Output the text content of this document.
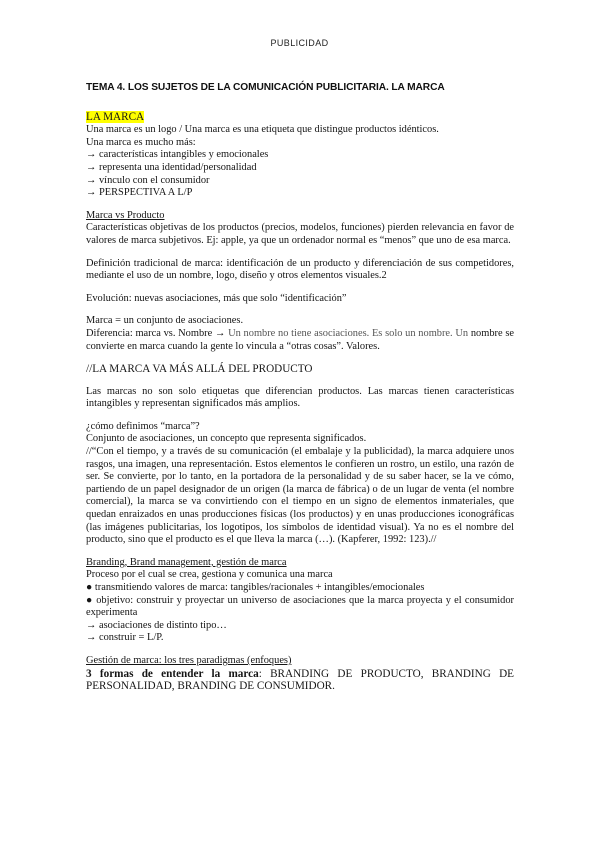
PUBLICIDAD

TEMA 4. LOS SUJETOS DE LA COMUNICACIÓN PUBLICITARIA. LA MARCA

LA MARCA

Una marca es un logo / Una marca es una etiqueta que distingue productos idénticos.

Una marca es mucho más:

→ características intangibles y emocionales

→ representa una identidad/personalidad

→ vínculo con el consumidor

→ PERSPECTIVA A L/P

Marca vs Producto

Características objetivas de los productos (precios, modelos, funciones) pierden relevancia en favor de valores de marca subjetivos. Ej: apple, ya que un ordenador normal es “menos” que uno de esa marca.

Definición tradicional de marca: identificación de un producto y diferenciación de sus competidores, mediante el uso de un nombre, logo, diseño y otros elementos visuales.2

Evolución: nuevas asociaciones, más que solo “identificación”

Marca = un conjunto de asociaciones.

Diferencia: marca vs. Nombre → Un nombre no tiene asociaciones. Es solo un nombre. Un nombre se convierte en marca cuando la gente lo vincula a “otras cosas”. Valores.

//LA MARCA VA MÁS ALLÁ DEL PRODUCTO

Las marcas no son solo etiquetas que diferencian productos. Las marcas tienen características intangibles y representan significados más amplios.

¿cómo definimos “marca”?

Conjunto de asociaciones, un concepto que representa significados.

//“Con el tiempo, y a través de su comunicación (el embalaje y la publicidad), la marca adquiere unos rasgos, una imagen, una representación. Estos elementos le confieren un rostro, un estilo, una razón de ser. Se convierte, por lo tanto, en la portadora de la personalidad y de su saber hacer, se la ve cómo, partiendo de un papel designador de un origen (la marca de fábrica) o de un lugar de venta (el nombre comercial), la marca se va convirtiendo con el tiempo en un signo de elementos inmateriales, que quedan enraizados en unas producciones físicas (los productos) y en unas producciones iconográficas (las imágenes publicitarias, los logotipos, los símbolos de identidad visual). Ya no es el nombre del producto, sino que el producto es el que lleva la marca (…). (Kapferer, 1992: 123).//

Branding, Brand management, gestión de marca

Proceso por el cual se crea, gestiona y comunica una marca

● transmitiendo valores de marca: tangibles/racionales + intangibles/emocionales

● objetivo: construir y proyectar un universo de asociaciones que la marca proyecta y el consumidor experimenta

→ asociaciones de distinto tipo…

→ construir = L/P.

Gestión de marca: los tres paradigmas (enfoques)

3 formas de entender la marca: BRANDING DE PRODUCTO, BRANDING DE PERSONALIDAD, BRANDING DE CONSUMIDOR.
